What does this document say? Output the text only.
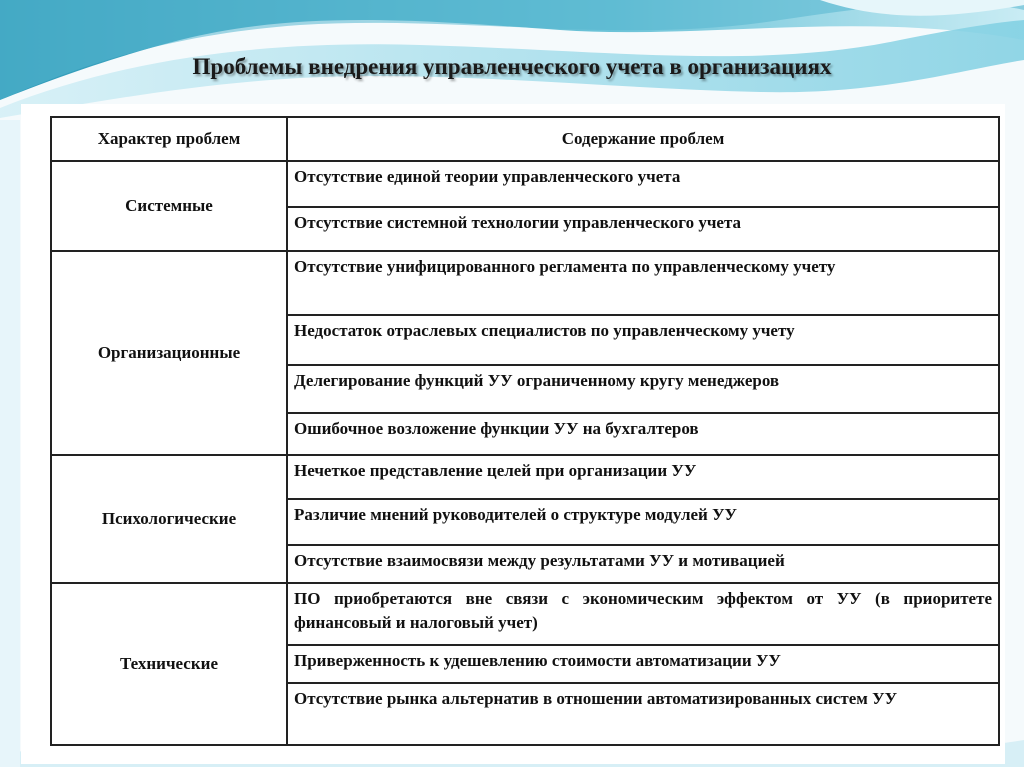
Проблемы внедрения управленческого учета в организациях
Характер проблем	Содержание проблем
Системные	Отсутствие единой теории управленческого учета
	Отсутствие системной технологии управленческого учета
Организационные	Отсутствие унифицированного регламента по управленческому учету
	Недостаток отраслевых специалистов по управленческому учету
	Делегирование функций УУ ограниченному кругу менеджеров
	Ошибочное возложение функции УУ на бухгалтеров
Психологические	Нечеткое представление целей при организации УУ
	Различие мнений руководителей о структуре модулей УУ
	Отсутствие взаимосвязи между результатами УУ и мотивацией
Технические	ПО приобретаются вне связи с экономическим эффектом от УУ (в приоритете финансовый и налоговый учет)
	Приверженность к удешевлению стоимости автоматизации УУ
	Отсутствие рынка альтернатив в отношении автоматизированных систем УУ
